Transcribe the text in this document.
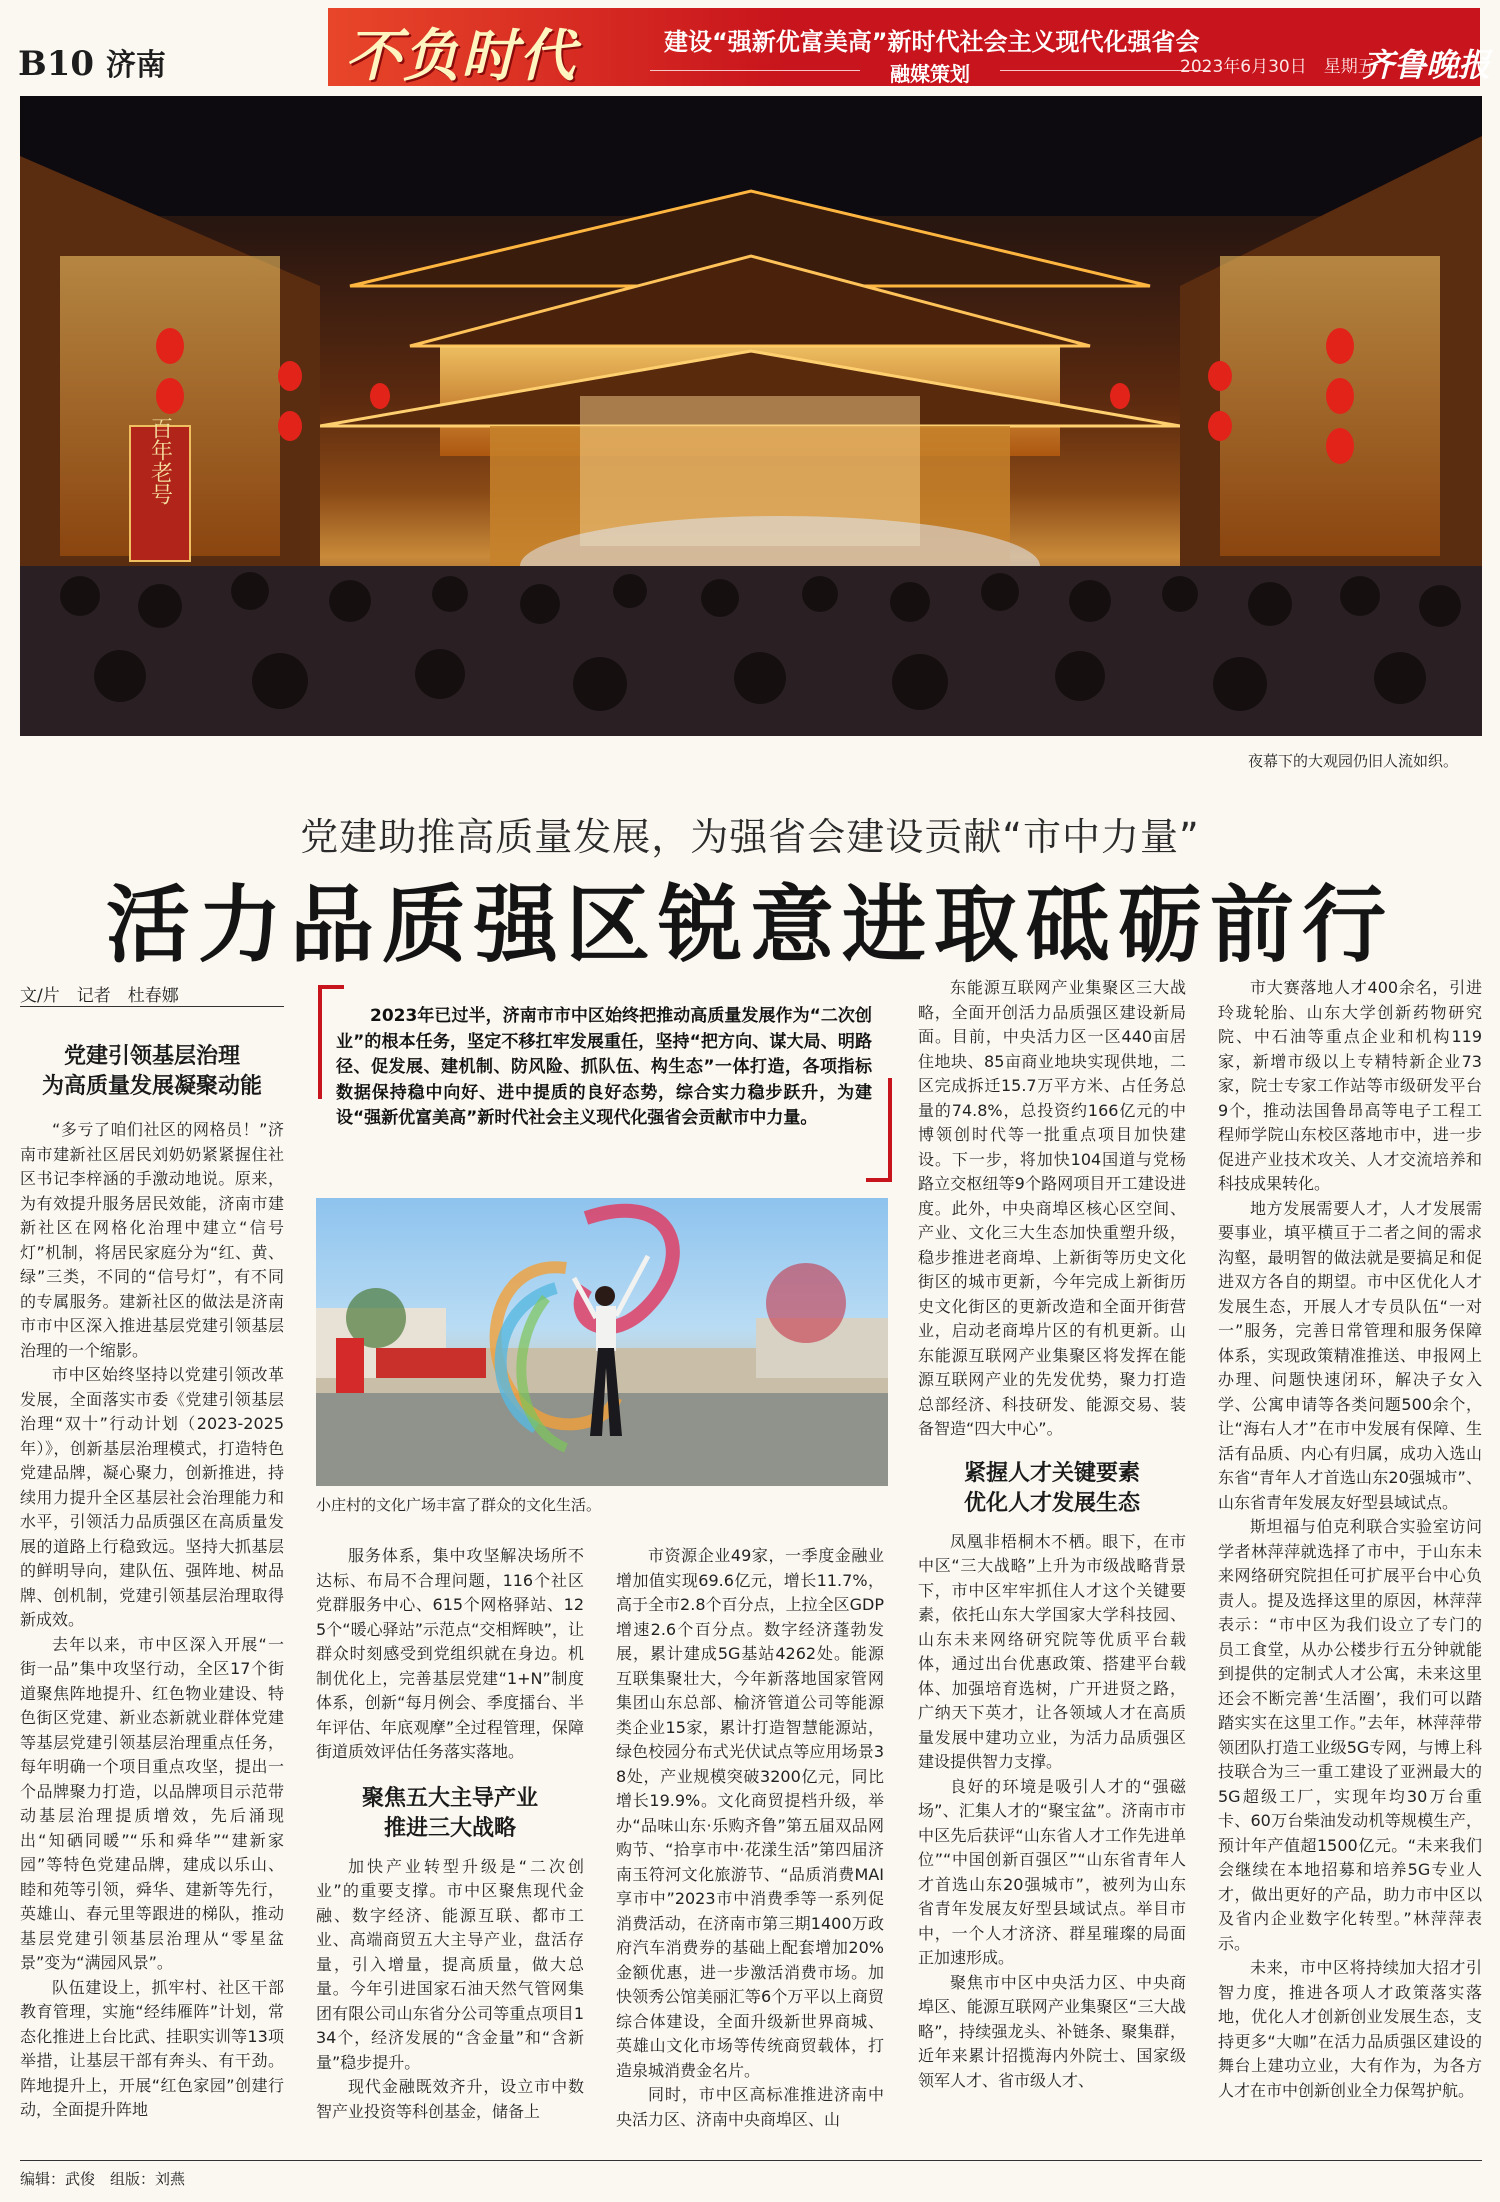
B10 济南	不负时代	建设“强新优富美高”新时代社会主义现代化强省会
融媒策划	2023年6月30日　星期五
齐鲁晚报
百年老号
夜幕下的大观园仍旧人流如织。
党建助推高质量发展，为强省会建设贡献“市中力量”
活力品质强区锐意进取砥砺前行
文/片　记者　杜春娜
2023年已过半，济南市市中区始终把推动高质量发展作为“二次创业”的根本任务，坚定不移扛牢发展重任，坚持“把方向、谋大局、明路径、促发展、建机制、防风险、抓队伍、构生态”一体打造，各项指标数据保持稳中向好、进中提质的良好态势，综合实力稳步跃升，为建设“强新优富美高”新时代社会主义现代化强省会贡献市中力量。
小庄村的文化广场丰富了群众的文化生活。
党建引领基层治理
为高质量发展凝聚动能

“多亏了咱们社区的网格员！”济南市建新社区居民刘奶奶紧紧握住社区书记李梓涵的手激动地说。原来，为有效提升服务居民效能，济南市建新社区在网格化治理中建立“信号灯”机制，将居民家庭分为“红、黄、绿”三类，不同的“信号灯”，有不同的专属服务。建新社区的做法是济南市市中区深入推进基层党建引领基层治理的一个缩影。

市中区始终坚持以党建引领改革发展，全面落实市委《党建引领基层治理“双十”行动计划（2023-2025年）》，创新基层治理模式，打造特色党建品牌，凝心聚力，创新推进，持续用力提升全区基层社会治理能力和水平，引领活力品质强区在高质量发展的道路上行稳致远。坚持大抓基层的鲜明导向，建队伍、强阵地、树品牌、创机制，党建引领基层治理取得新成效。

去年以来，市中区深入开展“一街一品”集中攻坚行动，全区17个街道聚焦阵地提升、红色物业建设、特色街区党建、新业态新就业群体党建等基层党建引领基层治理重点任务，每年明确一个项目重点攻坚，提出一个品牌聚力打造，以品牌项目示范带动基层治理提质增效，先后涌现出“知硒同暖”“乐和舜华”“建新家园”等特色党建品牌，建成以乐山、睦和苑等引领，舜华、建新等先行，英雄山、春元里等跟进的梯队，推动基层党建引领基层治理从“零星盆景”变为“满园风景”。

队伍建设上，抓牢村、社区干部教育管理，实施“经纬雁阵”计划，常态化推进上台比武、挂职实训等13项举措，让基层干部有奔头、有干劲。阵地提升上，开展“红色家园”创建行动，全面提升阵地

服务体系，集中攻坚解决场所不达标、布局不合理问题，116个社区党群服务中心、615个网格驿站、125个“暖心驿站”示范点“交相辉映”，让群众时刻感受到党组织就在身边。机制优化上，完善基层党建“1+N”制度体系，创新“每月例会、季度擂台、半年评估、年底观摩”全过程管理，保障街道质效评估任务落实落地。

聚焦五大主导产业
推进三大战略

加快产业转型升级是“二次创业”的重要支撑。市中区聚焦现代金融、数字经济、能源互联、都市工业、高端商贸五大主导产业，盘活存量，引入增量，提高质量，做大总量。今年引进国家石油天然气管网集团有限公司山东省分公司等重点项目134个，经济发展的“含金量”和“含新量”稳步提升。

现代金融既效齐升，设立市中数智产业投资等科创基金，储备上

市资源企业49家，一季度金融业增加值实现69.6亿元，增长11.7%，高于全市2.8个百分点，上拉全区GDP增速2.6个百分点。数字经济蓬勃发展，累计建成5G基站4262处。能源互联集聚壮大，今年新落地国家管网集团山东总部、榆济管道公司等能源类企业15家，累计打造智慧能源站，绿色校园分布式光伏试点等应用场景38处，产业规模突破3200亿元，同比增长19.9%。文化商贸提档升级，举办“品味山东·乐购齐鲁”第五届双品网购节、“拾享市中·花漾生活”第四届济南玉符河文化旅游节、“品质消费MAI享市中”2023市中消费季等一系列促消费活动，在济南市第三期1400万政府汽车消费券的基础上配套增加20%金额优惠，进一步激活消费市场。加快领秀公馆美丽汇等6个万平以上商贸综合体建设，全面升级新世界商城、英雄山文化市场等传统商贸载体，打造泉城消费金名片。

同时，市中区高标准推进济南中央活力区、济南中央商埠区、山

东能源互联网产业集聚区三大战略，全面开创活力品质强区建设新局面。目前，中央活力区一区440亩居住地块、85亩商业地块实现供地，二区完成拆迁15.7万平方米、占任务总量的74.8%，总投资约166亿元的中博领创时代等一批重点项目加快建设。下一步，将加快104国道与党杨路立交枢纽等9个路网项目开工建设进度。此外，中央商埠区核心区空间、产业、文化三大生态加快重塑升级，稳步推进老商埠、上新街等历史文化街区的城市更新，今年完成上新街历史文化街区的更新改造和全面开街营业，启动老商埠片区的有机更新。山东能源互联网产业集聚区将发挥在能源互联网产业的先发优势，聚力打造总部经济、科技研发、能源交易、装备智造“四大中心”。

紧握人才关键要素
优化人才发展生态

凤凰非梧桐木不栖。眼下，在市中区“三大战略”上升为市级战略背景下，市中区牢牢抓住人才这个关键要素，依托山东大学国家大学科技园、山东未来网络研究院等优质平台载体，通过出台优惠政策、搭建平台载体、加强培育选树，广开进贤之路，广纳天下英才，让各领域人才在高质量发展中建功立业，为活力品质强区建设提供智力支撑。

良好的环境是吸引人才的“强磁场”、汇集人才的“聚宝盆”。济南市市中区先后获评“山东省人才工作先进单位”“中国创新百强区”“山东省青年人才首选山东20强城市”，被列为山东省青年发展友好型县域试点。举目市中，一个人才济济、群星璀璨的局面正加速形成。

聚焦市中区中央活力区、中央商埠区、能源互联网产业集聚区“三大战略”，持续强龙头、补链条、聚集群，近年来累计招揽海内外院士、国家级领军人才、省市级人才、

市大赛落地人才400余名，引进玲珑轮胎、山东大学创新药物研究院、中石油等重点企业和机构119家，新增市级以上专精特新企业73家，院士专家工作站等市级研发平台9个，推动法国鲁昂高等电子工程工程师学院山东校区落地市中，进一步促进产业技术攻关、人才交流培养和科技成果转化。

地方发展需要人才，人才发展需要事业，填平横亘于二者之间的需求沟壑，最明智的做法就是要搞足和促进双方各自的期望。市中区优化人才发展生态，开展人才专员队伍“一对一”服务，完善日常管理和服务保障体系，实现政策精准推送、申报网上办理、问题快速闭环，解决子女入学、公寓申请等各类问题500余个，让“海右人才”在市中发展有保障、生活有品质、内心有归属，成功入选山东省“青年人才首选山东20强城市”、山东省青年发展友好型县域试点。

斯坦福与伯克利联合实验室访问学者林萍萍就选择了市中，于山东未来网络研究院担任可扩展平台中心负责人。提及选择这里的原因，林萍萍表示：“市中区为我们设立了专门的员工食堂，从办公楼步行五分钟就能到提供的定制式人才公寓，未来这里还会不断完善‘生活圈’，我们可以踏踏实实在这里工作。”去年，林萍萍带领团队打造工业级5G专网，与博上科技联合为三一重工建设了亚洲最大的5G超级工厂，实现年均30万台重卡、60万台柴油发动机等规模生产，预计年产值超1500亿元。“未来我们会继续在本地招募和培养5G专业人才，做出更好的产品，助力市中区以及省内企业数字化转型。”林萍萍表示。

未来，市中区将持续加大招才引智力度，推进各项人才政策落实落地，优化人才创新创业发展生态，支持更多“大咖”在活力品质强区建设的舞台上建功立业，大有作为，为各方人才在市中创新创业全力保驾护航。

编辑：武俊　组版：刘燕
